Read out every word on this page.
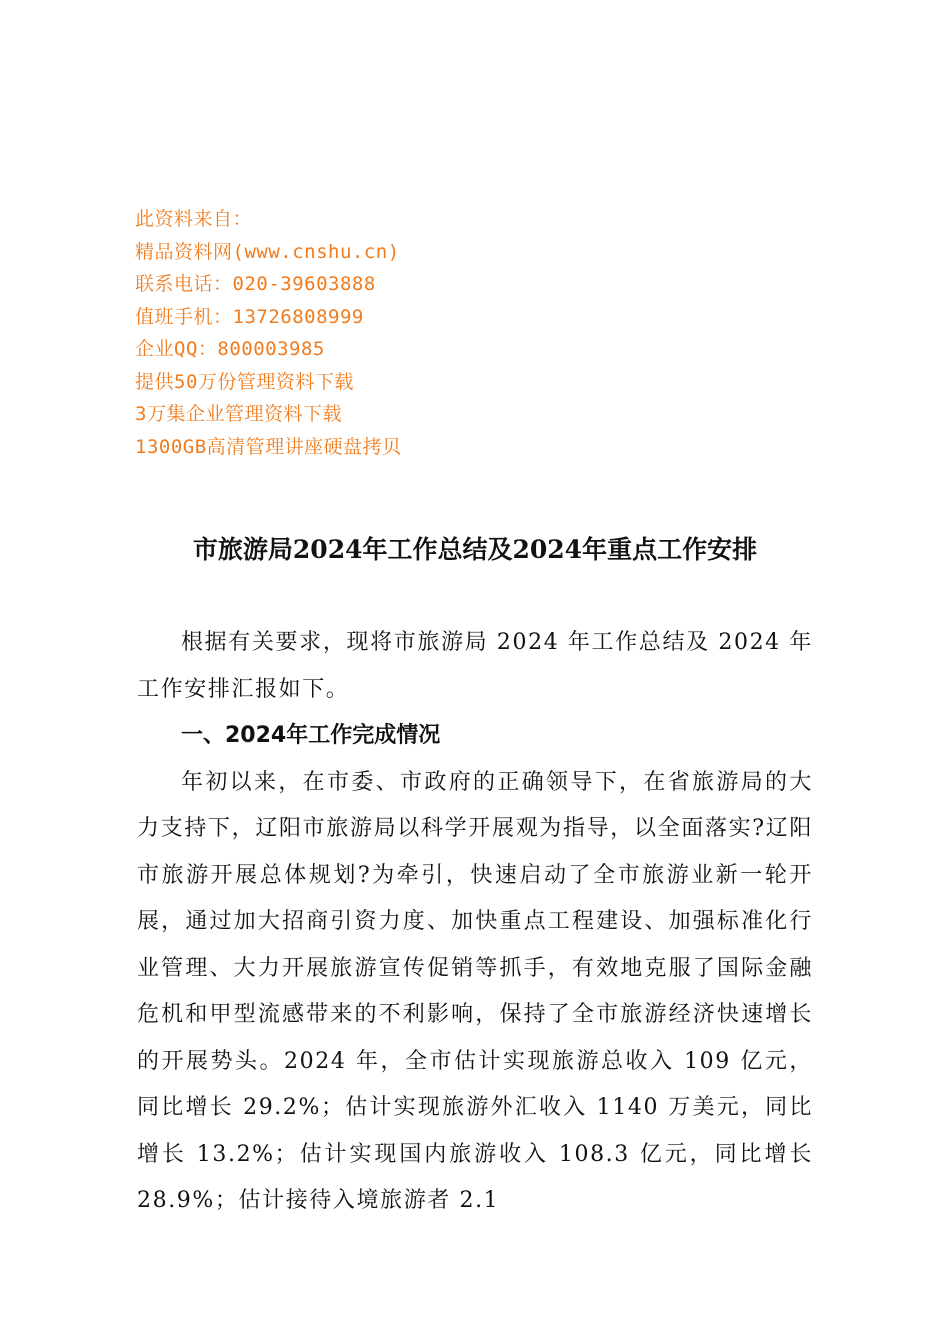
此资料来自：
精品资料网(www.cnshu.cn)
联系电话：020-39603888
值班手机：13726808999
企业QQ：800003985
提供50万份管理资料下载
3万集企业管理资料下载
1300GB高清管理讲座硬盘拷贝
市旅游局2024年工作总结及2024年重点工作安排

根据有关要求，现将市旅游局 2024 年工作总结及 2024 年工作安排汇报如下。

一、2024年工作完成情况

年初以来，在市委、市政府的正确领导下，在省旅游局的大力支持下，辽阳市旅游局以科学开展观为指导，以全面落实?辽阳市旅游开展总体规划?为牵引，快速启动了全市旅游业新一轮开展，通过加大招商引资力度、加快重点工程建设、加强标准化行业管理、大力开展旅游宣传促销等抓手，有效地克服了国际金融危机和甲型流感带来的不利影响，保持了全市旅游经济快速增长的开展势头。2024 年，全市估计实现旅游总收入 109 亿元，同比增长 29.2%；估计实现旅游外汇收入 1140 万美元，同比增长 13.2%；估计实现国内旅游收入 108.3 亿元，同比增长 28.9%；估计接待入境旅游者 2.1
